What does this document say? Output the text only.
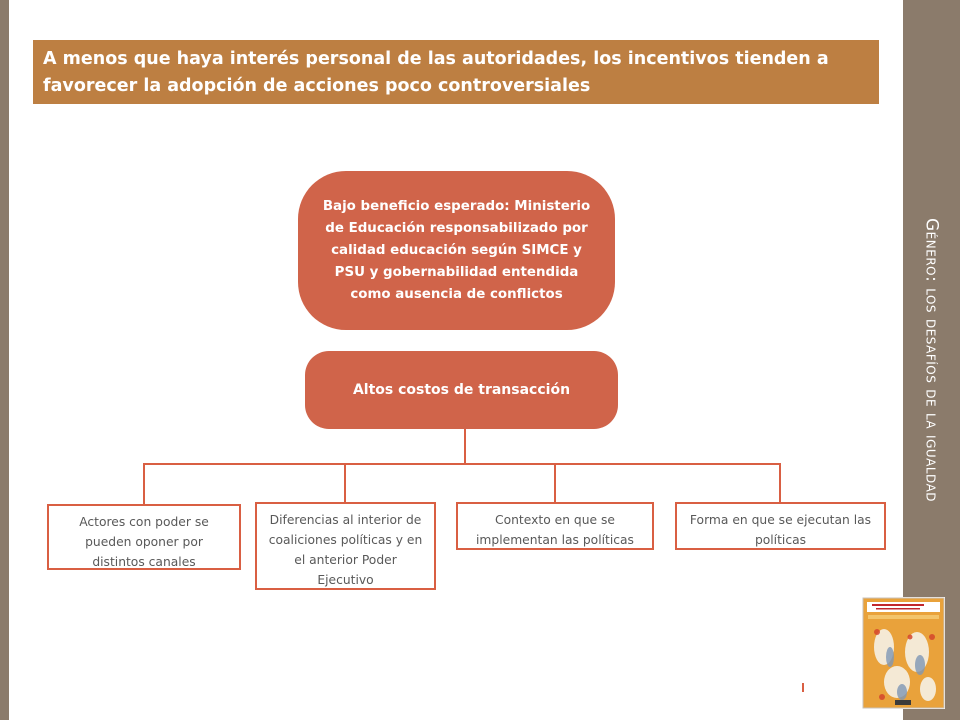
Género: los desafíos de la igualdad
A menos que haya interés personal de las autoridades, los incentivos tienden a favorecer la adopción de acciones poco controversiales
Bajo beneficio esperado: Ministerio de Educación responsabilizado por calidad educación según SIMCE y PSU y gobernabilidad entendida como ausencia de conflictos
Altos costos de transacción
Actores con poder se pueden oponer por distintos canales
Diferencias al interior de coaliciones políticas y en el anterior Poder Ejecutivo
Contexto en que se implementan las políticas
Forma en que se ejecutan las políticas
